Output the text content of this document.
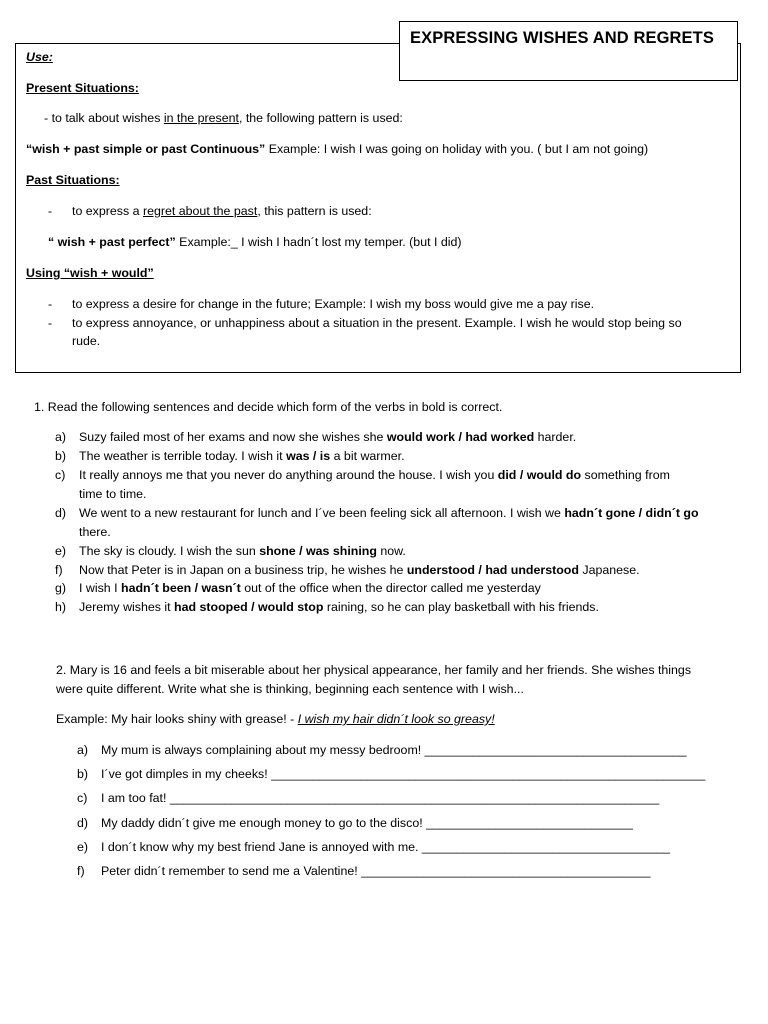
EXPRESSING WISHES AND REGRETS
Use:
Present Situations:
- to talk about wishes in the present, the following pattern is used:
“wish + past simple or past Continuous” Example: I wish I was going on holiday with you. ( but I am not going)
Past Situations:
- to express a regret about the past, this pattern is used:
“ wish + past perfect” Example:_ I wish I hadn´t lost my temper. (but I did)
Using “wish + would”
- to express a desire for change in the future; Example: I wish my boss would give me a pay rise.
- to express annoyance, or unhappiness about a situation in the present. Example. I wish he would stop being so
rude.
1. Read the following sentences and decide which form of the verbs in bold is correct.
a) Suzy failed most of her exams and now she wishes she would work / had worked harder.
b) The weather is terrible today. I wish it was / is a bit warmer.
c) It really annoys me that you never do anything around the house. I wish you did / would do something from
time to time.
d) We went to a new restaurant for lunch and I´ve been feeling sick all afternoon. I wish we hadn´t gone / didn´t go
there.
e) The sky is cloudy. I wish the sun shone / was shining now.
f) Now that Peter is in Japan on a business trip, he wishes he understood / had understood Japanese.
g) I wish I hadn´t been / wasn´t out of the office when the director called me yesterday
h) Jeremy wishes it had stooped / would stop raining, so he can play basketball with his friends.
2. Mary is 16 and feels a bit miserable about her physical appearance, her family and her friends. She wishes things
were quite different. Write what she is thinking, beginning each sentence with I wish...
Example: My hair looks shiny with grease! - I wish my hair didn´t look so greasy!
a) My mum is always complaining about my messy bedroom! ______________________________________
b) I´ve got dimples in my cheeks! _______________________________________________________________
c) I am too fat! _______________________________________________________________________
d) My daddy didn´t give me enough money to go to the disco! ______________________________
e) I don´t know why my best friend Jane is annoyed with me. ____________________________________
f) Peter didn´t remember to send me a Valentine! __________________________________________
